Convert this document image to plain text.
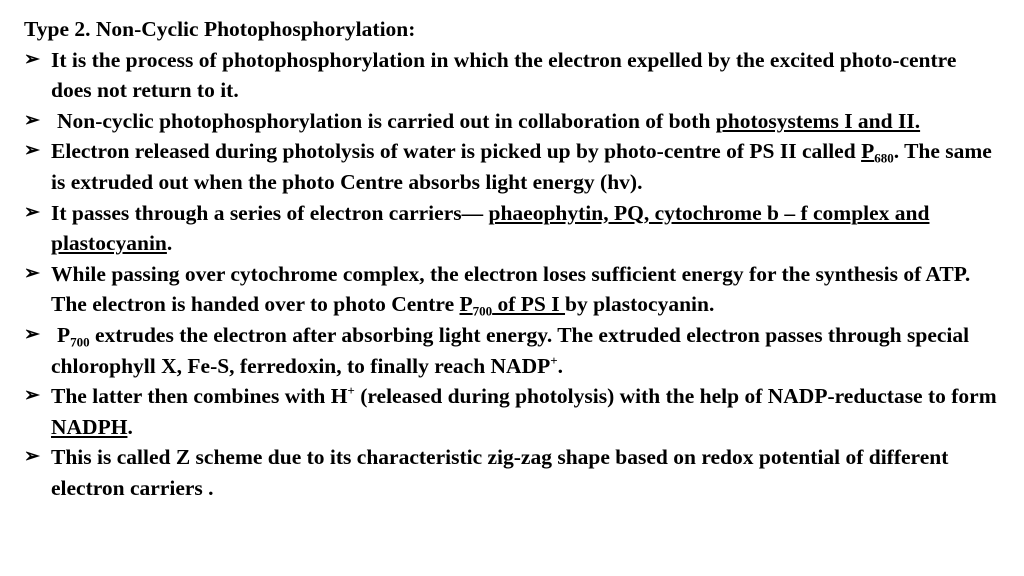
Type 2. Non-Cyclic Photophosphorylation:

➢ It is the process of photophosphorylation in which the electron expelled by the excited photo-centre does not return to it.
➢ Non-cyclic photophosphorylation is carried out in collaboration of both photosystems I and II.
➢ Electron released during photolysis of water is picked up by photo-centre of PS II called $P_{680}$. The same is extruded out when the photo Centre absorbs light energy (hv).
➢ It passes through a series of electron carriers— phaeophytin, PQ, cytochrome b – f complex and plastocyanin.
➢ While passing over cytochrome complex, the electron loses sufficient energy for the synthesis of ATP. The electron is handed over to photo Centre $P_{700}$ of PS I by plastocyanin.
➢ $P_{700}$ extrudes the electron after absorbing light energy. The extruded electron passes through special chlorophyll X, Fe-S, ferredoxin, to finally reach NADP+.
➢ The latter then combines with H+ (released during photolysis) with the help of NADP-reductase to form NADPH.
➢ This is called Z scheme due to its characteristic zig-zag shape based on redox potential of different electron carriers .
